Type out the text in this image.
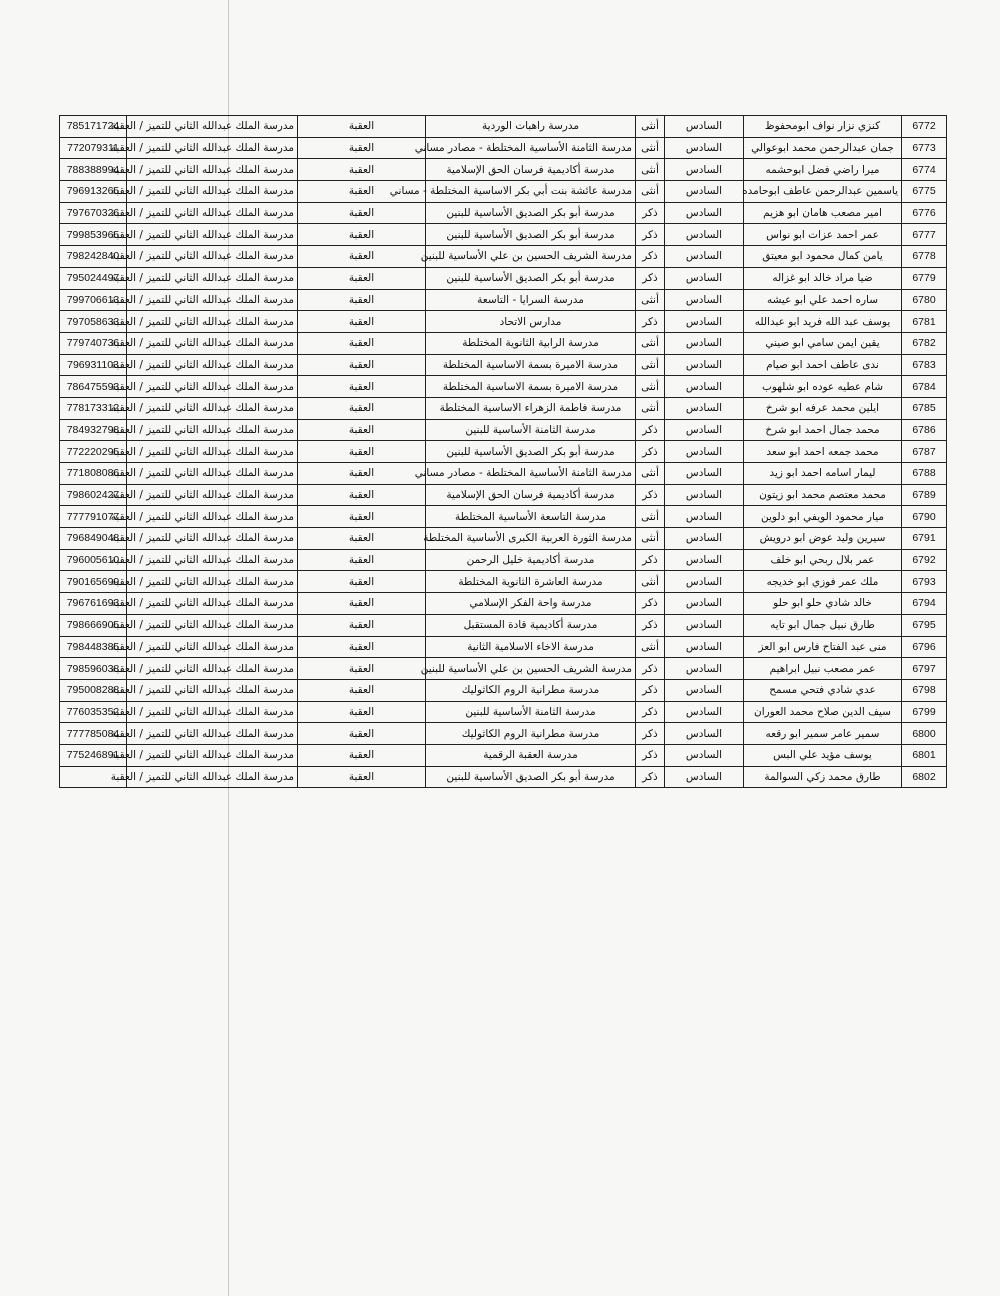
6772	كنزي نزار نواف ابومحفوظ	السادس	أنثى	مدرسة راهبات الوردية	العقبة	مدرسة الملك عبدالله الثاني للتميز / العقبة	785171724
6773	جمان عبدالرحمن محمد ابوعوالي	السادس	أنثى	مدرسة الثامنة الأساسية المختلطة - مصادر مساني	العقبة	مدرسة الملك عبدالله الثاني للتميز / العقبة	772079311
6774	ميرا راضي فضل ابوحشمه	السادس	أنثى	مدرسة أكاديمية فرسان الحق الإسلامية	العقبة	مدرسة الملك عبدالله الثاني للتميز / العقبة	788388994
6775	ياسمين عبدالرحمن عاطف ابوحامده	السادس	أنثى	مدرسة عائشة بنت أبي بكر الاساسية المختلطة - مساني	العقبة	مدرسة الملك عبدالله الثاني للتميز / العقبة	796913265
6776	امير مصعب هامان ابو هزيم	السادس	ذكر	مدرسة أبو بكر الصديق الأساسية للبنين	العقبة	مدرسة الملك عبدالله الثاني للتميز / العقبة	797670326
6777	عمر احمد عزات ابو نواس	السادس	ذكر	مدرسة أبو بكر الصديق الأساسية للبنين	العقبة	مدرسة الملك عبدالله الثاني للتميز / العقبة	799853965
6778	يامن كمال محمود ابو معيتق	السادس	ذكر	مدرسة الشريف الحسين بن علي الأساسية للبنين	العقبة	مدرسة الملك عبدالله الثاني للتميز / العقبة	798242840
6779	ضيا مراد خالد ابو غزاله	السادس	ذكر	مدرسة أبو بكر الصديق الأساسية للبنين	العقبة	مدرسة الملك عبدالله الثاني للتميز / العقبة	795024497
6780	ساره احمد علي ابو عيشه	السادس	أنثى	مدرسة السرايا - التاسعة	العقبة	مدرسة الملك عبدالله الثاني للتميز / العقبة	799706613
6781	يوسف عبد الله فريد ابو عبدالله	السادس	ذكر	مدارس الاتحاد	العقبة	مدرسة الملك عبدالله الثاني للتميز / العقبة	797058633
6782	يقين ايمن سامي ابو صيني	السادس	أنثى	مدرسة الرابية الثانوية المختلطة	العقبة	مدرسة الملك عبدالله الثاني للتميز / العقبة	779740736
6783	ندى عاطف احمد ابو صيام	السادس	أنثى	مدرسة الاميرة بسمة الاساسية المختلطة	العقبة	مدرسة الملك عبدالله الثاني للتميز / العقبة	796931103
6784	شام عطيه عوده ابو شلهوب	السادس	أنثى	مدرسة الاميرة بسمة الاساسية المختلطة	العقبة	مدرسة الملك عبدالله الثاني للتميز / العقبة	786475593
6785	ايلين محمد عرفه ابو شرخ	السادس	أنثى	مدرسة فاطمة الزهراء الاساسية المختلطة	العقبة	مدرسة الملك عبدالله الثاني للتميز / العقبة	778173312
6786	محمد جمال احمد ابو شرخ	السادس	ذكر	مدرسة الثامنة الأساسية للبنين	العقبة	مدرسة الملك عبدالله الثاني للتميز / العقبة	784932798
6787	محمد جمعه احمد ابو سعد	السادس	ذكر	مدرسة أبو بكر الصديق الأساسية للبنين	العقبة	مدرسة الملك عبدالله الثاني للتميز / العقبة	772220295
6788	ليمار اسامه احمد ابو زيد	السادس	أنثى	مدرسة الثامنة الأساسية المختلطة - مصادر مساني	العقبة	مدرسة الملك عبدالله الثاني للتميز / العقبة	771808086
6789	محمد معتصم محمد ابو زيتون	السادس	ذكر	مدرسة أكاديمية فرسان الحق الإسلامية	العقبة	مدرسة الملك عبدالله الثاني للتميز / العقبة	798602427
6790	ميار محمود الويفي ابو دلوين	السادس	أنثى	مدرسة التاسعة الأساسية المختلطة	العقبة	مدرسة الملك عبدالله الثاني للتميز / العقبة	777791077
6791	سيرين وليد عوض ابو درويش	السادس	أنثى	مدرسة الثورة العربية الكبرى الأساسية المختلطة	العقبة	مدرسة الملك عبدالله الثاني للتميز / العقبة	796849048
6792	عمر بلال ربحي ابو خلف	السادس	ذكر	مدرسة أكاديمية خليل الرحمن	العقبة	مدرسة الملك عبدالله الثاني للتميز / العقبة	796005610
6793	ملك عمر فوزي ابو خديجه	السادس	أنثى	مدرسة العاشرة الثانوية المختلطة	العقبة	مدرسة الملك عبدالله الثاني للتميز / العقبة	790165699
6794	خالد شادي حلو ابو حلو	السادس	ذكر	مدرسة واحة الفكر الإسلامي	العقبة	مدرسة الملك عبدالله الثاني للتميز / العقبة	796761693
6795	طارق نبيل جمال ابو تايه	السادس	ذكر	مدرسة أكاديمية قادة المستقبل	العقبة	مدرسة الملك عبدالله الثاني للتميز / العقبة	798666905
6796	منى عبد الفتاح فارس ابو العز	السادس	أنثى	مدرسة الاخاء الاسلامية الثانية	العقبة	مدرسة الملك عبدالله الثاني للتميز / العقبة	798448385
6797	عمر مصعب نبيل ابراهيم	السادس	ذكر	مدرسة الشريف الحسين بن علي الأساسية للبنين	العقبة	مدرسة الملك عبدالله الثاني للتميز / العقبة	798596038
6798	عدي شادي فتحي مسمح	السادس	ذكر	مدرسة مطرانية الروم الكاثوليك	العقبة	مدرسة الملك عبدالله الثاني للتميز / العقبة	795008288
6799	سيف الدين صلاح محمد العوران	السادس	ذكر	مدرسة الثامنة الأساسية للبنين	العقبة	مدرسة الملك عبدالله الثاني للتميز / العقبة	776035352
6800	سمير عامر سمير ابو رقعه	السادس	ذكر	مدرسة مطرانية الروم الكاثوليك	العقبة	مدرسة الملك عبدالله الثاني للتميز / العقبة	777785084
6801	يوسف مؤيد علي البس	السادس	ذكر	مدرسة العقبة الرقمية	العقبة	مدرسة الملك عبدالله الثاني للتميز / العقبة	775246891
6802	طارق محمد زكي السوالمة	السادس	ذكر	مدرسة أبو بكر الصديق الأساسية للبنين	العقبة	مدرسة الملك عبدالله الثاني للتميز / العقبة	
